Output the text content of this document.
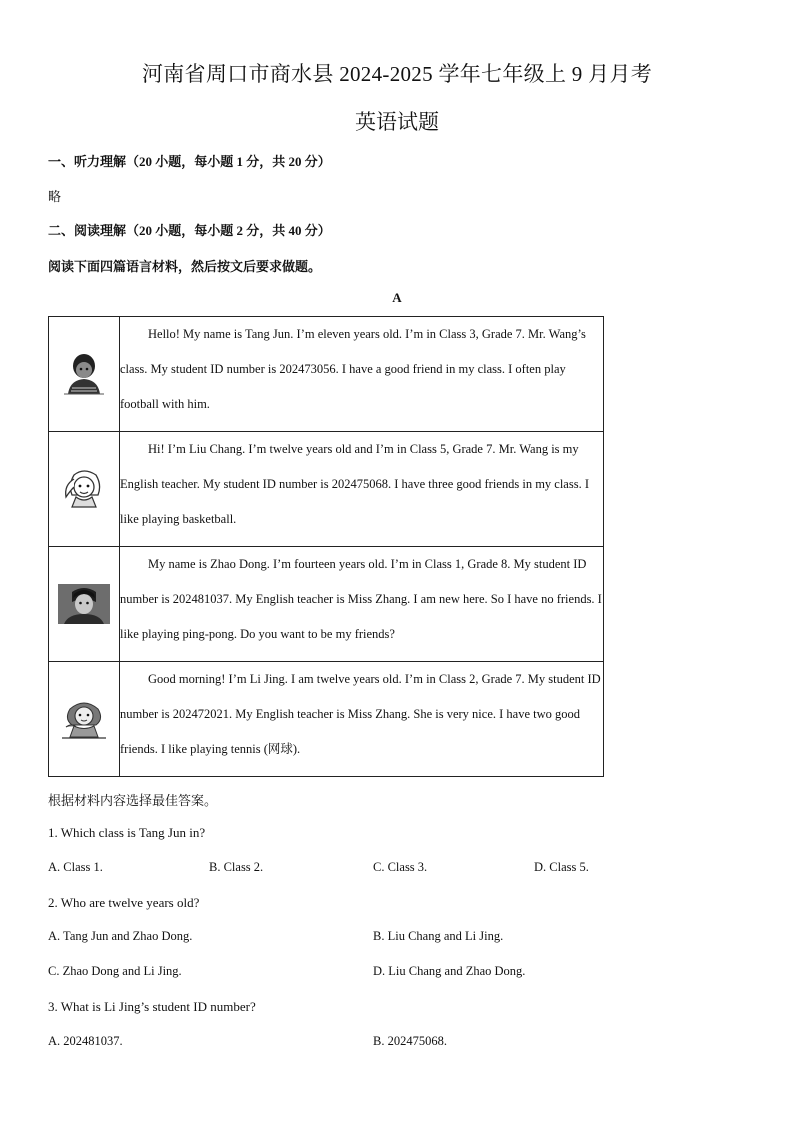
河南省周口市商水县 2024-2025 学年七年级上 9 月月考
英语试题
一、听力理解（20 小题，每小题 1 分，共 20 分）
略
二、阅读理解（20 小题，每小题 2 分，共 40 分）
阅读下面四篇语言材料，然后按文后要求做题。
A
	Hello! My name is Tang Jun. I’m eleven years old. I’m in Class 3, Grade 7. Mr. Wang’s class. My student ID number is 202473056. I have a good friend in my class. I often play football with him.

	Hi! I’m Liu Chang. I’m twelve years old and I’m in Class 5, Grade 7. Mr. Wang is my English teacher. My student ID number is 202475068. I have three good friends in my class. I like playing basketball.

	My name is Zhao Dong. I’m fourteen years old. I’m in Class 1, Grade 8. My student ID number is 202481037. My English teacher is Miss Zhang. I am new here. So I have no friends. I like playing ping-pong. Do you want to be my friends?

	Good morning! I’m Li Jing. I am twelve years old. I’m in Class 2, Grade 7. My student ID number is 202472021. My English teacher is Miss Zhang. She is very nice. I have two good friends. I like playing tennis (网球).
根据材料内容选择最佳答案。
1. Which class is Tang Jun in?
A. Class 1.	B. Class 2.	C. Class 3.	D. Class 5.
2. Who are twelve years old?
A. Tang Jun and Zhao Dong.	B. Liu Chang and Li Jing.
C. Zhao Dong and Li Jing.	D. Liu Chang and Zhao Dong.
3. What is Li Jing’s student ID number?
A. 202481037.	B. 202475068.
